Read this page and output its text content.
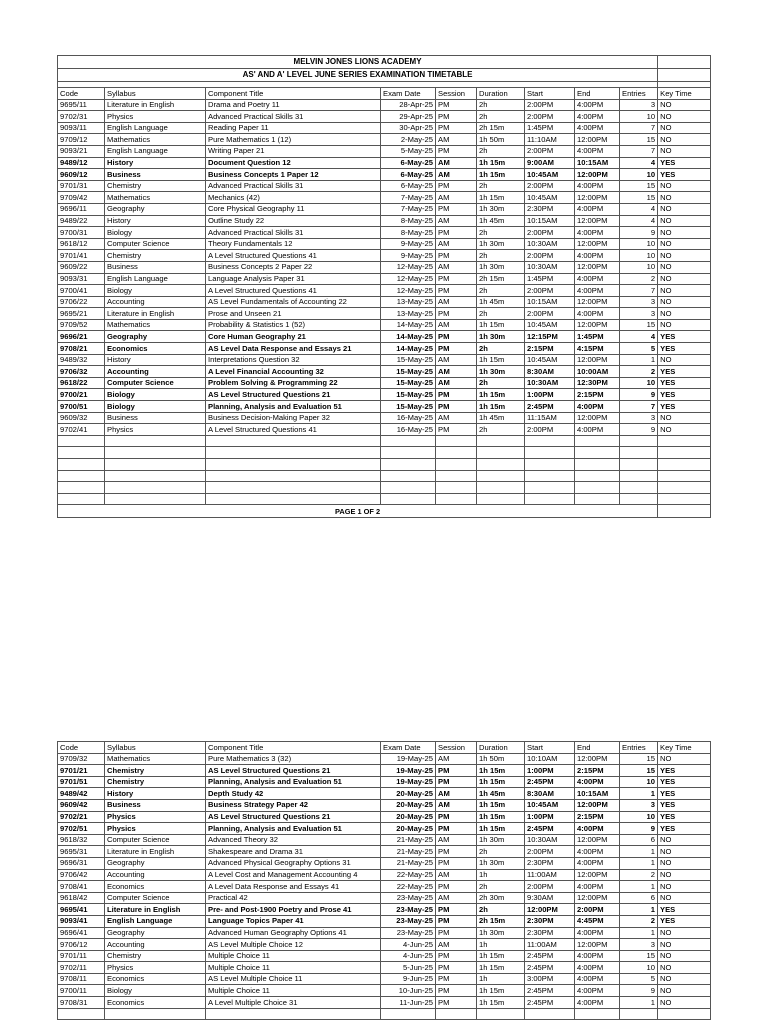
MELVIN JONES LIONS ACADEMY									
AS' AND A' LEVEL JUNE SERIES EXAMINATION TIMETABLE									

Code	Syllabus	Component Title	Exam Date	Session	Duration	Start	End	Entries	Key Time
9695/11	Literature in English	Drama and Poetry 11	28-Apr-25	PM	2h	2:00PM	4:00PM	3	NO
9702/31	Physics	Advanced Practical Skills 31	29-Apr-25	PM	2h	2:00PM	4:00PM	10	NO
9093/11	English Language	Reading Paper 11	30-Apr-25	PM	2h 15m	1:45PM	4:00PM	7	NO
9709/12	Mathematics	Pure Mathematics 1 (12)	2-May-25	AM	1h 50m	11:10AM	12:00PM	15	NO
9093/21	English Language	Writing Paper 21	5-May-25	PM	2h	2:00PM	4:00PM	7	NO
9489/12	History	Document Question 12	6-May-25	AM	1h 15m	9:00AM	10:15AM	4	YES
9609/12	Business	Business Concepts 1 Paper 12	6-May-25	AM	1h 15m	10:45AM	12:00PM	10	YES
9701/31	Chemistry	Advanced Practical Skills 31	6-May-25	PM	2h	2:00PM	4:00PM	15	NO
9709/42	Mathematics	Mechanics (42)	7-May-25	AM	1h 15m	10:45AM	12:00PM	15	NO
9696/11	Geography	Core Physical Geography 11	7-May-25	PM	1h 30m	2:30PM	4:00PM	4	NO
9489/22	History	Outline Study 22	8-May-25	AM	1h 45m	10:15AM	12:00PM	4	NO
9700/31	Biology	Advanced Practical Skills 31	8-May-25	PM	2h	2:00PM	4:00PM	9	NO
9618/12	Computer Science	Theory Fundamentals 12	9-May-25	AM	1h 30m	10:30AM	12:00PM	10	NO
9701/41	Chemistry	A Level Structured Questions 41	9-May-25	PM	2h	2:00PM	4:00PM	10	NO
9609/22	Business	Business Concepts 2 Paper 22	12-May-25	AM	1h 30m	10:30AM	12:00PM	10	NO
9093/31	English Language	Language Analysis Paper 31	12-May-25	PM	2h 15m	1:45PM	4:00PM	2	NO
9700/41	Biology	A Level Structured Questions 41	12-May-25	PM	2h	2:00PM	4:00PM	7	NO
9706/22	Accounting	AS Level Fundamentals of Accounting 22	13-May-25	AM	1h 45m	10:15AM	12:00PM	3	NO
9695/21	Literature in English	Prose and Unseen 21	13-May-25	PM	2h	2:00PM	4:00PM	3	NO
9709/52	Mathematics	Probability & Statistics 1 (52)	14-May-25	AM	1h 15m	10:45AM	12:00PM	15	NO
9696/21	Geography	Core Human Geography 21	14-May-25	PM	1h 30m	12:15PM	1:45PM	4	YES
9708/21	Economics	AS Level Data Response and Essays 21	14-May-25	PM	2h	2:15PM	4:15PM	5	YES
9489/32	History	Interpretations Question 32	15-May-25	AM	1h 15m	10:45AM	12:00PM	1	NO
9706/32	Accounting	A Level Financial Accounting 32	15-May-25	AM	1h 30m	8:30AM	10:00AM	2	YES
9618/22	Computer Science	Problem Solving & Programming 22	15-May-25	AM	2h	10:30AM	12:30PM	10	YES
9700/21	Biology	AS Level Structured Questions 21	15-May-25	PM	1h 15m	1:00PM	2:15PM	9	YES
9700/51	Biology	Planning, Analysis and Evaluation 51	15-May-25	PM	1h 15m	2:45PM	4:00PM	7	YES
9609/32	Business	Business Decision-Making Paper 32	16-May-25	AM	1h 45m	11:15AM	12:00PM	3	NO
9702/41	Physics	A Level Structured Questions 41	16-May-25	PM	2h	2:00PM	4:00PM	9	NO

PAGE 1 OF 2									
Code	Syllabus	Component Title	Exam Date	Session	Duration	Start	End	Entries	Key Time
9709/32	Mathematics	Pure Mathematics 3 (32)	19-May-25	AM	1h 50m	10:10AM	12:00PM	15	NO
9701/21	Chemistry	AS Level Structured Questions 21	19-May-25	PM	1h 15m	1:00PM	2:15PM	15	YES
9701/51	Chemistry	Planning, Analysis and Evaluation 51	19-May-25	PM	1h 15m	2:45PM	4:00PM	10	YES
9489/42	History	Depth Study 42	20-May-25	AM	1h 45m	8:30AM	10:15AM	1	YES
9609/42	Business	Business Strategy Paper 42	20-May-25	AM	1h 15m	10:45AM	12:00PM	3	YES
9702/21	Physics	AS Level Structured Questions 21	20-May-25	PM	1h 15m	1:00PM	2:15PM	10	YES
9702/51	Physics	Planning, Analysis and Evaluation 51	20-May-25	PM	1h 15m	2:45PM	4:00PM	9	YES
9618/32	Computer Science	Advanced Theory 32	21-May-25	AM	1h 30m	10:30AM	12:00PM	6	NO
9695/31	Literature in English	Shakespeare and Drama 31	21-May-25	PM	2h	2:00PM	4:00PM	1	NO
9696/31	Geography	Advanced Physical Geography Options 31	21-May-25	PM	1h 30m	2:30PM	4:00PM	1	NO
9706/42	Accounting	A Level Cost and Management Accounting 4	22-May-25	AM	1h	11:00AM	12:00PM	2	NO
9708/41	Economics	A Level Data Response and Essays 41	22-May-25	PM	2h	2:00PM	4:00PM	1	NO
9618/42	Computer Science	Practical 42	23-May-25	AM	2h 30m	9:30AM	12:00PM	6	NO
9695/41	Literature in English	Pre- and Post-1900 Poetry and Prose 41	23-May-25	PM	2h	12:00PM	2:00PM	1	YES
9093/41	English Language	Language Topics Paper 41	23-May-25	PM	2h 15m	2:30PM	4:45PM	2	YES
9696/41	Geography	Advanced Human Geography Options 41	23-May-25	PM	1h 30m	2:30PM	4:00PM	1	NO
9706/12	Accounting	AS Level Multiple Choice 12	4-Jun-25	AM	1h	11:00AM	12:00PM	3	NO
9701/11	Chemistry	Multiple Choice 11	4-Jun-25	PM	1h 15m	2:45PM	4:00PM	15	NO
9702/11	Physics	Multiple Choice 11	5-Jun-25	PM	1h 15m	2:45PM	4:00PM	10	NO
9708/11	Economics	AS Level Multiple Choice 11	9-Jun-25	PM	1h	3:00PM	4:00PM	5	NO
9700/11	Biology	Multiple Choice 11	10-Jun-25	PM	1h 15m	2:45PM	4:00PM	9	NO
9708/31	Economics	A Level Multiple Choice 31	11-Jun-25	PM	1h 15m	2:45PM	4:00PM	1	NO
